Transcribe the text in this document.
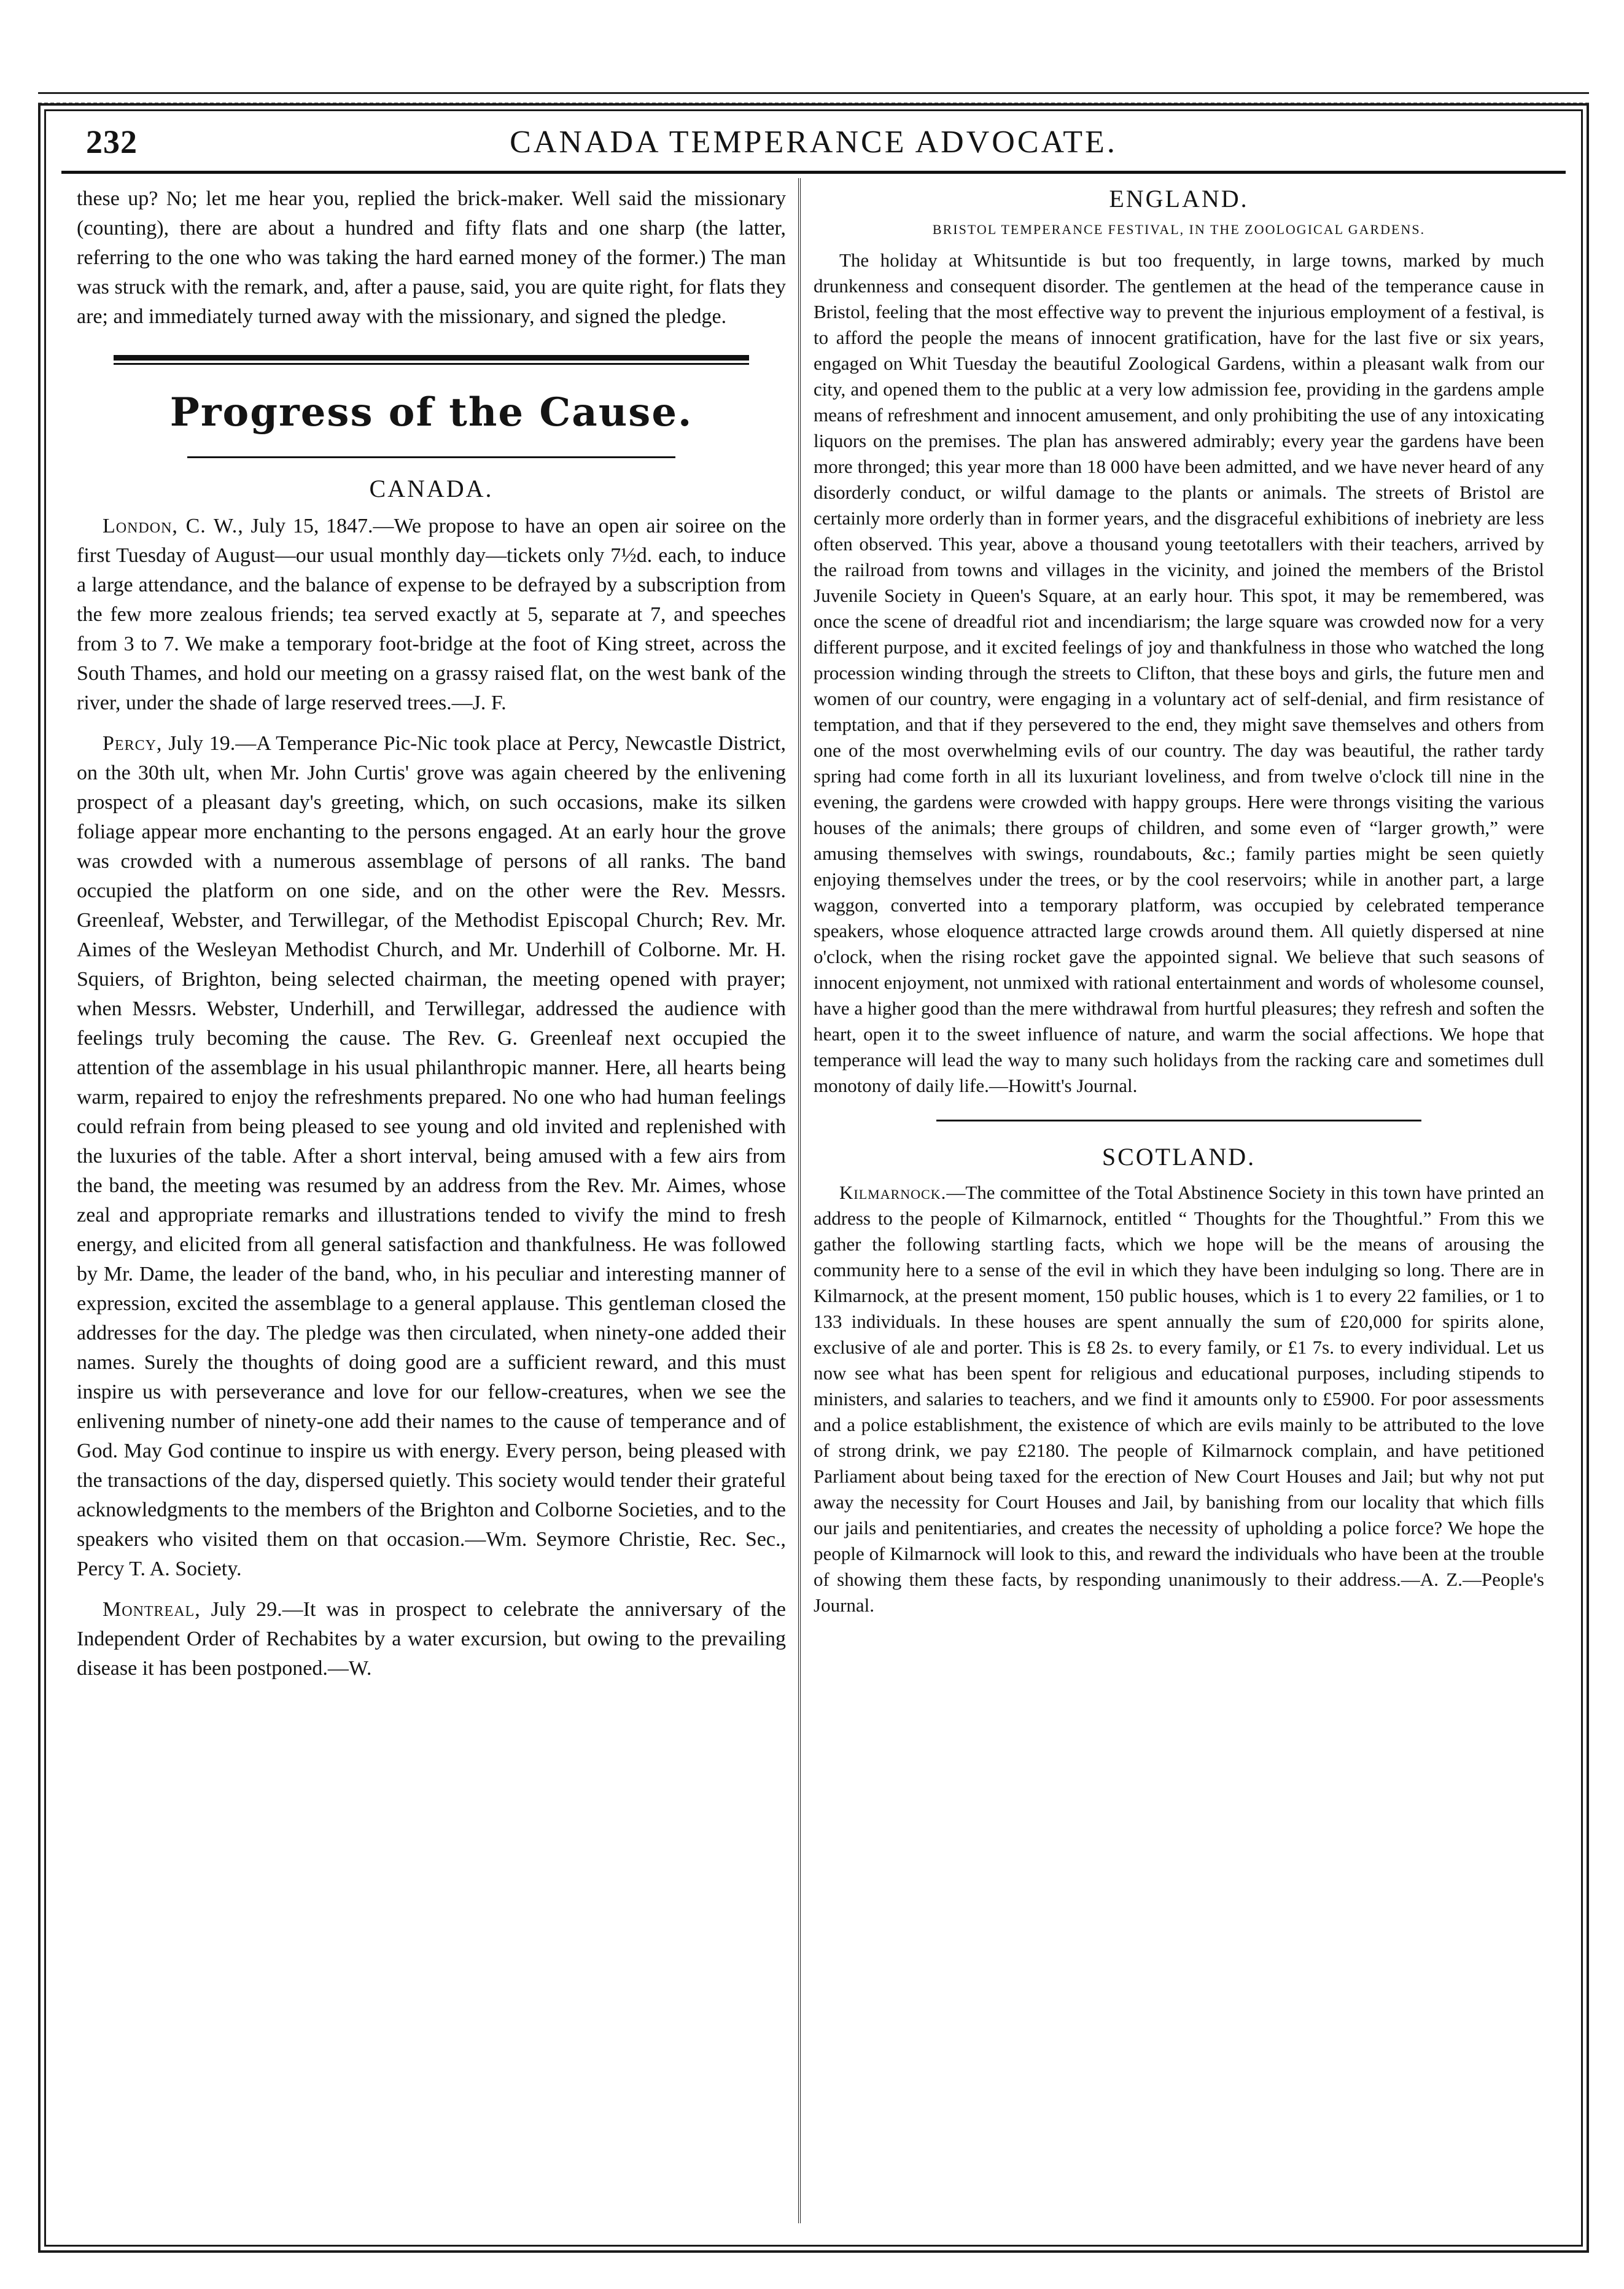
232	CANADA TEMPERANCE ADVOCATE.

these up? No; let me hear you, replied the brick-maker. Well said the missionary (counting), there are about a hundred and fifty flats and one sharp (the latter, referring to the one who was taking the hard earned money of the former.) The man was struck with the remark, and, after a pause, said, you are quite right, for flats they are; and immediately turned away with the missionary, and signed the pledge.

Progress of the Cause.
CANADA.

London, C. W., July 15, 1847.—We propose to have an open air soiree on the first Tuesday of August—our usual monthly day—tickets only 7½d. each, to induce a large attendance, and the balance of expense to be defrayed by a subscription from the few more zealous friends; tea served exactly at 5, separate at 7, and speeches from 3 to 7. We make a temporary foot-bridge at the foot of King street, across the South Thames, and hold our meeting on a grassy raised flat, on the west bank of the river, under the shade of large reserved trees.—J. F.

Percy, July 19.—A Temperance Pic-Nic took place at Percy, Newcastle District, on the 30th ult, when Mr. John Curtis' grove was again cheered by the enlivening prospect of a pleasant day's greeting, which, on such occasions, make its silken foliage appear more enchanting to the persons engaged. At an early hour the grove was crowded with a numerous assemblage of persons of all ranks. The band occupied the platform on one side, and on the other were the Rev. Messrs. Greenleaf, Webster, and Terwillegar, of the Methodist Episcopal Church; Rev. Mr. Aimes of the Wesleyan Methodist Church, and Mr. Underhill of Colborne. Mr. H. Squiers, of Brighton, being selected chairman, the meeting opened with prayer; when Messrs. Webster, Underhill, and Terwillegar, addressed the audience with feelings truly becoming the cause. The Rev. G. Greenleaf next occupied the attention of the assemblage in his usual philanthropic manner. Here, all hearts being warm, repaired to enjoy the refreshments prepared. No one who had human feelings could refrain from being pleased to see young and old invited and replenished with the luxuries of the table. After a short interval, being amused with a few airs from the band, the meeting was resumed by an address from the Rev. Mr. Aimes, whose zeal and appropriate remarks and illustrations tended to vivify the mind to fresh energy, and elicited from all general satisfaction and thankfulness. He was followed by Mr. Dame, the leader of the band, who, in his peculiar and interesting manner of expression, excited the assemblage to a general applause. This gentleman closed the addresses for the day. The pledge was then circulated, when ninety-one added their names. Surely the thoughts of doing good are a sufficient reward, and this must inspire us with perseverance and love for our fellow-creatures, when we see the enlivening number of ninety-one add their names to the cause of temperance and of God. May God continue to inspire us with energy. Every person, being pleased with the transactions of the day, dispersed quietly. This society would tender their grateful acknowledgments to the members of the Brighton and Colborne Societies, and to the speakers who visited them on that occasion.—Wm. Seymore Christie, Rec. Sec., Percy T. A. Society.

Montreal, July 29.—It was in prospect to celebrate the anniversary of the Independent Order of Rechabites by a water excursion, but owing to the prevailing disease it has been postponed.—W.

ENGLAND.
BRISTOL TEMPERANCE FESTIVAL, IN THE ZOOLOGICAL GARDENS.

The holiday at Whitsuntide is but too frequently, in large towns, marked by much drunkenness and consequent disorder. The gentlemen at the head of the temperance cause in Bristol, feeling that the most effective way to prevent the injurious employment of a festival, is to afford the people the means of innocent gratification, have for the last five or six years, engaged on Whit Tuesday the beautiful Zoological Gardens, within a pleasant walk from our city, and opened them to the public at a very low admission fee, providing in the gardens ample means of refreshment and innocent amusement, and only prohibiting the use of any intoxicating liquors on the premises. The plan has answered admirably; every year the gardens have been more thronged; this year more than 18 000 have been admitted, and we have never heard of any disorderly conduct, or wilful damage to the plants or animals. The streets of Bristol are certainly more orderly than in former years, and the disgraceful exhibitions of inebriety are less often observed. This year, above a thousand young teetotallers with their teachers, arrived by the railroad from towns and villages in the vicinity, and joined the members of the Bristol Juvenile Society in Queen's Square, at an early hour. This spot, it may be remembered, was once the scene of dreadful riot and incendiarism; the large square was crowded now for a very different purpose, and it excited feelings of joy and thankfulness in those who watched the long procession winding through the streets to Clifton, that these boys and girls, the future men and women of our country, were engaging in a voluntary act of self-denial, and firm resistance of temptation, and that if they persevered to the end, they might save themselves and others from one of the most overwhelming evils of our country. The day was beautiful, the rather tardy spring had come forth in all its luxuriant loveliness, and from twelve o'clock till nine in the evening, the gardens were crowded with happy groups. Here were throngs visiting the various houses of the animals; there groups of children, and some even of “larger growth,” were amusing themselves with swings, roundabouts, &c.; family parties might be seen quietly enjoying themselves under the trees, or by the cool reservoirs; while in another part, a large waggon, converted into a temporary platform, was occupied by celebrated temperance speakers, whose eloquence attracted large crowds around them. All quietly dispersed at nine o'clock, when the rising rocket gave the appointed signal. We believe that such seasons of innocent enjoyment, not unmixed with rational entertainment and words of wholesome counsel, have a higher good than the mere withdrawal from hurtful pleasures; they refresh and soften the heart, open it to the sweet influence of nature, and warm the social affections. We hope that temperance will lead the way to many such holidays from the racking care and sometimes dull monotony of daily life.—Howitt's Journal.

SCOTLAND.

Kilmarnock.—The committee of the Total Abstinence Society in this town have printed an address to the people of Kilmarnock, entitled “ Thoughts for the Thoughtful.” From this we gather the following startling facts, which we hope will be the means of arousing the community here to a sense of the evil in which they have been indulging so long. There are in Kilmarnock, at the present moment, 150 public houses, which is 1 to every 22 families, or 1 to 133 individuals. In these houses are spent annually the sum of £20,000 for spirits alone, exclusive of ale and porter. This is £8 2s. to every family, or £1 7s. to every individual. Let us now see what has been spent for religious and educational purposes, including stipends to ministers, and salaries to teachers, and we find it amounts only to £5900. For poor assessments and a police establishment, the existence of which are evils mainly to be attributed to the love of strong drink, we pay £2180. The people of Kilmarnock complain, and have petitioned Parliament about being taxed for the erection of New Court Houses and Jail; but why not put away the necessity for Court Houses and Jail, by banishing from our locality that which fills our jails and penitentiaries, and creates the necessity of upholding a police force? We hope the people of Kilmarnock will look to this, and reward the individuals who have been at the trouble of showing them these facts, by responding unanimously to their address.—A. Z.—People's Journal.
